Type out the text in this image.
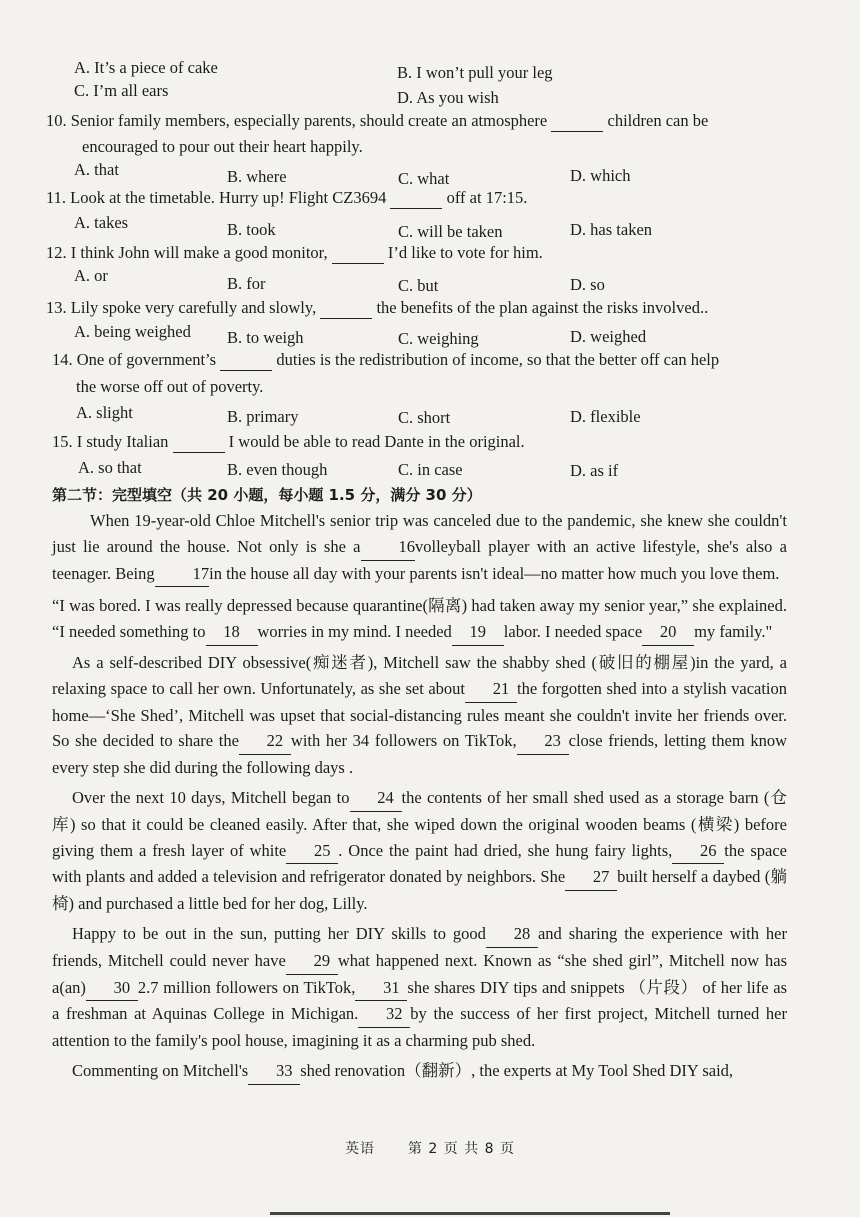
A. It’s a piece of cake	B. I won’t pull your leg
C. I’m all ears	D. As you wish
10. Senior family members, especially parents, should create an atmosphere	children can be
encouraged to pour out their heart happily.
A. that	B. where	C. what	D. which
11. Look at the timetable. Hurry up! Flight CZ3694	off at 17:15.
A. takes	B. took	C. will be taken	D. has taken
12. I think John will make a good monitor,	I’d like to vote for him.
A. or	B. for	C. but	D. so
13. Lily spoke very carefully and slowly,	the benefits of the plan against the risks involved..
A. being weighed B. to weigh	C. weighing	D. weighed
14. One of government’s	duties is the redistribution of income, so that the better off can help
the worse off out of poverty.
A. slight	B. primary	C. short	D. flexible
15. I study Italian	I would be able to read Dante in the original.
A. so that	B. even though	C. in case	D. as if
第二节：完型填空（共 20 小题，每小题 1.5 分，满分 30 分）

When 19-year-old Chloe Mitchell's senior trip was canceled due to the pandemic, she knew she couldn't just lie around the house. Not only is she a 16volleyball player with an active lifestyle, she's also a teenager. Being 17in the house all day with your parents isn't ideal—no matter how much you love them.

“I was bored. I was really depressed because quarantine(隔离) had taken away my senior year,” she explained. “I needed something to 18 worries in my mind. I needed 19 labor. I needed space 20 my family."

As a self-described DIY obsessive(痴迷者), Mitchell saw the shabby shed (破旧的棚屋)in the yard, a relaxing space to call her own. Unfortunately, as she set about 21 the forgotten shed into a stylish vacation home—‘She Shed’, Mitchell was upset that social-distancing rules meant she couldn't invite her friends over. So she decided to share the 22 with her 34 followers on TikTok, 23 close friends, letting them know every step she did during the following days .

Over the next 10 days, Mitchell began to 24 the contents of her small shed used as a storage barn (仓库) so that it could be cleaned easily. After that, she wiped down the original wooden beams (横梁) before giving them a fresh layer of white 25 . Once the paint had dried, she hung fairy lights, 26 the space with plants and added a television and refrigerator donated by neighbors. She 27 built herself a daybed (躺椅) and purchased a little bed for her dog, Lilly.

Happy to be out in the sun, putting her DIY skills to good 28 and sharing the experience with her friends, Mitchell could never have 29 what happened next. Known as “she shed girl”, Mitchell now has a(an) 30 2.7 million followers on TikTok, 31 she shares DIY tips and snippets （片段） of her life as a freshman at Aquinas College in Michigan. 32 by the success of her first project, Mitchell turned her attention to the family's pool house, imagining it as a charming pub shed.

Commenting on Mitchell's 33 shed renovation（翻新）, the experts at My Tool Shed DIY said,

英语 第 2 页 共 8 页
